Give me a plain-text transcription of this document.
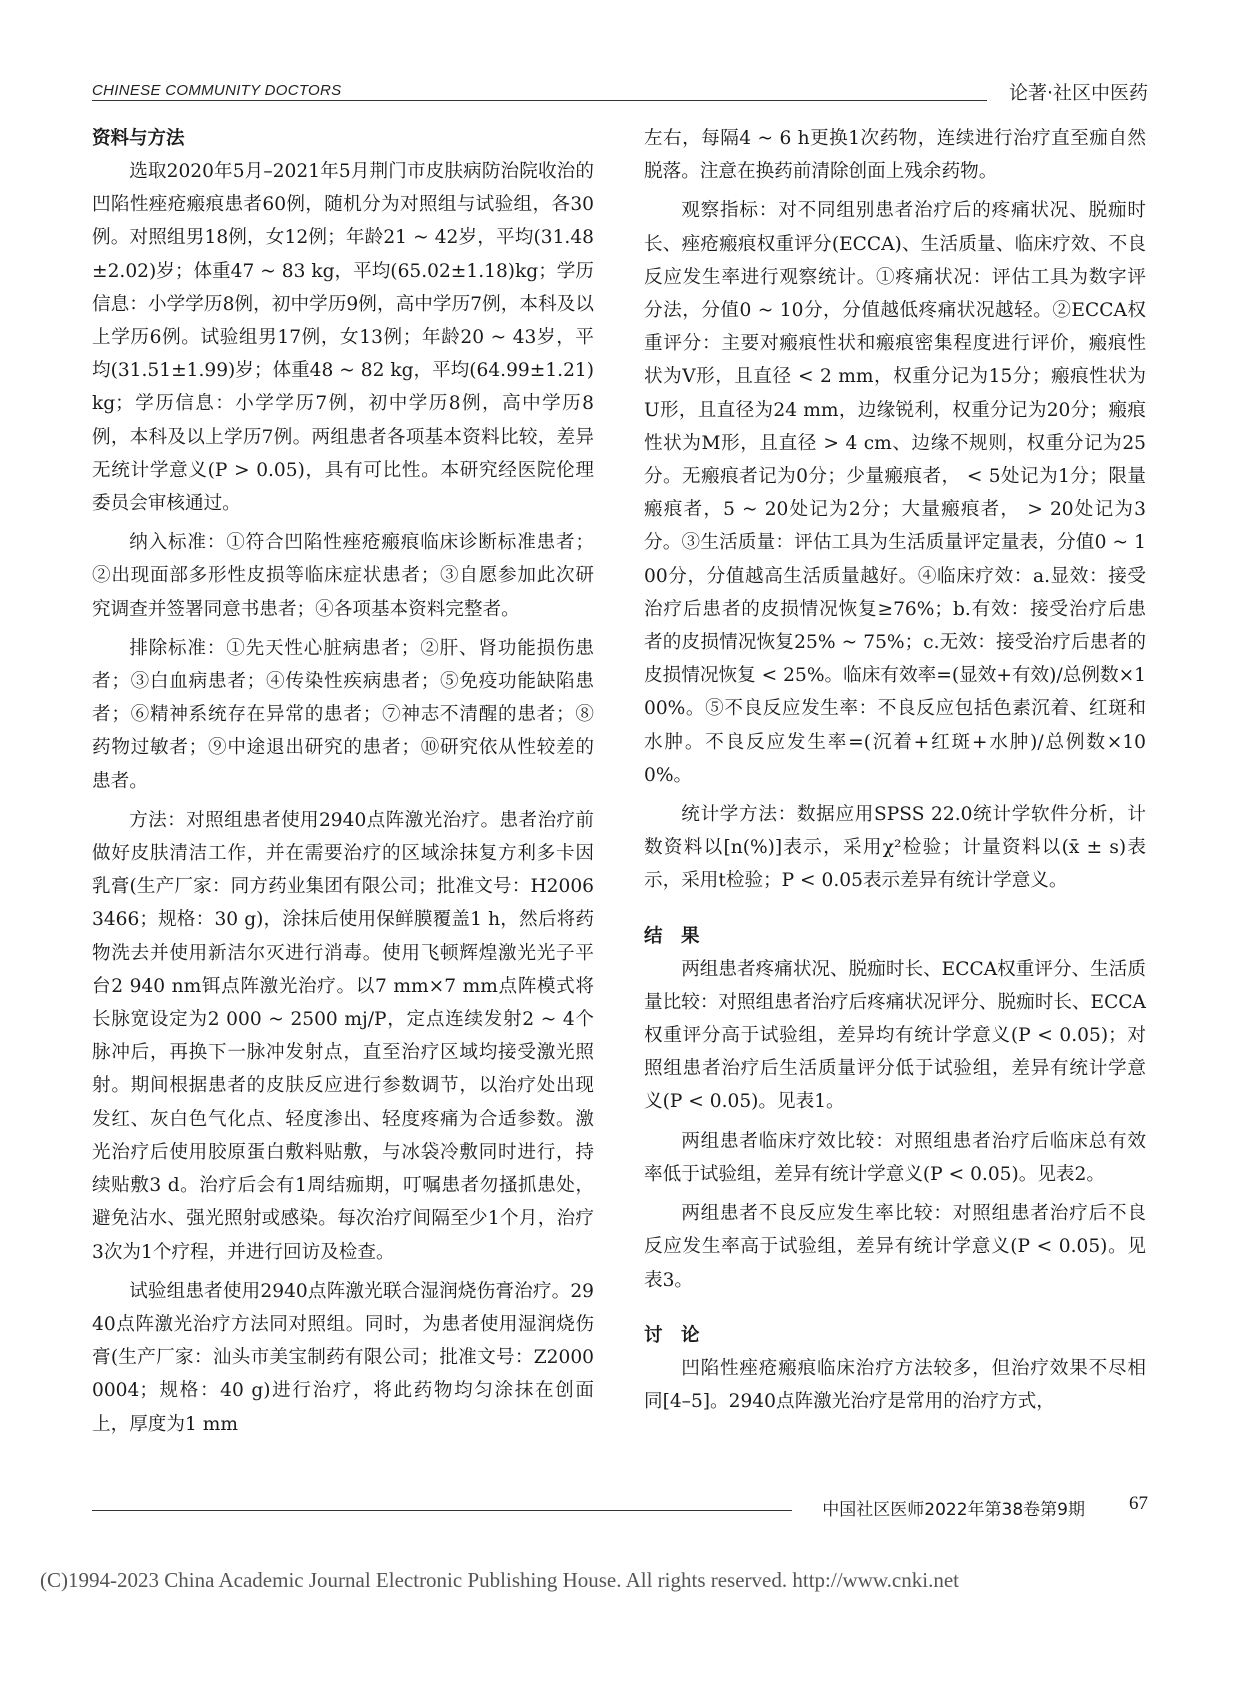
CHINESE COMMUNITY DOCTORS	论著·社区中医药

资料与方法

选取2020年5月–2021年5月荆门市皮肤病防治院收治的凹陷性痤疮瘢痕患者60例，随机分为对照组与试验组，各30例。对照组男18例，女12例；年龄21 ~ 42岁，平均(31.48±2.02)岁；体重47 ~ 83 kg，平均(65.02±1.18)kg；学历信息：小学学历8例，初中学历9例，高中学历7例，本科及以上学历6例。试验组男17例，女13例；年龄20 ~ 43岁，平均(31.51±1.99)岁；体重48 ~ 82 kg，平均(64.99±1.21)kg；学历信息：小学学历7例，初中学历8例，高中学历8例，本科及以上学历7例。两组患者各项基本资料比较，差异无统计学意义(P > 0.05)，具有可比性。本研究经医院伦理委员会审核通过。

纳入标准：①符合凹陷性痤疮瘢痕临床诊断标准患者；②出现面部多形性皮损等临床症状患者；③自愿参加此次研究调查并签署同意书患者；④各项基本资料完整者。

排除标准：①先天性心脏病患者；②肝、肾功能损伤患者；③白血病患者；④传染性疾病患者；⑤免疫功能缺陷患者；⑥精神系统存在异常的患者；⑦神志不清醒的患者；⑧药物过敏者；⑨中途退出研究的患者；⑩研究依从性较差的患者。

方法：对照组患者使用2940点阵激光治疗。患者治疗前做好皮肤清洁工作，并在需要治疗的区域涂抹复方利多卡因乳膏(生产厂家：同方药业集团有限公司；批准文号：H20063466；规格：30 g)，涂抹后使用保鲜膜覆盖1 h，然后将药物洗去并使用新洁尔灭进行消毒。使用飞顿辉煌激光光子平台2 940 nm铒点阵激光治疗。以7 mm×7 mm点阵模式将长脉宽设定为2 000 ~ 2500 mj/P，定点连续发射2 ~ 4个脉冲后，再换下一脉冲发射点，直至治疗区域均接受激光照射。期间根据患者的皮肤反应进行参数调节，以治疗处出现发红、灰白色气化点、轻度渗出、轻度疼痛为合适参数。激光治疗后使用胶原蛋白敷料贴敷，与冰袋冷敷同时进行，持续贴敷3 d。治疗后会有1周结痂期，叮嘱患者勿搔抓患处，避免沾水、强光照射或感染。每次治疗间隔至少1个月，治疗3次为1个疗程，并进行回访及检查。

试验组患者使用2940点阵激光联合湿润烧伤膏治疗。2940点阵激光治疗方法同对照组。同时，为患者使用湿润烧伤膏(生产厂家：汕头市美宝制药有限公司；批准文号：Z20000004；规格：40 g)进行治疗，将此药物均匀涂抹在创面上，厚度为1 mm

左右，每隔4 ~ 6 h更换1次药物，连续进行治疗直至痂自然脱落。注意在换药前清除创面上残余药物。

观察指标：对不同组别患者治疗后的疼痛状况、脱痂时长、痤疮瘢痕权重评分(ECCA)、生活质量、临床疗效、不良反应发生率进行观察统计。①疼痛状况：评估工具为数字评分法，分值0 ~ 10分，分值越低疼痛状况越轻。②ECCA权重评分：主要对瘢痕性状和瘢痕密集程度进行评价，瘢痕性状为V形，且直径 < 2 mm，权重分记为15分；瘢痕性状为U形，且直径为24 mm，边缘锐利，权重分记为20分；瘢痕性状为M形，且直径 > 4 cm、边缘不规则，权重分记为25分。无瘢痕者记为0分；少量瘢痕者， < 5处记为1分；限量瘢痕者，5 ~ 20处记为2分；大量瘢痕者， > 20处记为3分。③生活质量：评估工具为生活质量评定量表，分值0 ~ 100分，分值越高生活质量越好。④临床疗效：a.显效：接受治疗后患者的皮损情况恢复≥76%；b.有效：接受治疗后患者的皮损情况恢复25% ~ 75%；c.无效：接受治疗后患者的皮损情况恢复 < 25%。临床有效率=(显效+有效)/总例数×100%。⑤不良反应发生率：不良反应包括色素沉着、红斑和水肿。不良反应发生率=(沉着+红斑+水肿)/总例数×100%。

统计学方法：数据应用SPSS 22.0统计学软件分析，计数资料以[n(%)]表示，采用χ²检验；计量资料以(x̄ ± s)表示，采用t检验；P < 0.05表示差异有统计学意义。

结　果

两组患者疼痛状况、脱痂时长、ECCA权重评分、生活质量比较：对照组患者治疗后疼痛状况评分、脱痂时长、ECCA权重评分高于试验组，差异均有统计学意义(P < 0.05)；对照组患者治疗后生活质量评分低于试验组，差异有统计学意义(P < 0.05)。见表1。

两组患者临床疗效比较：对照组患者治疗后临床总有效率低于试验组，差异有统计学意义(P < 0.05)。见表2。

两组患者不良反应发生率比较：对照组患者治疗后不良反应发生率高于试验组，差异有统计学意义(P < 0.05)。见表3。

讨　论

凹陷性痤疮瘢痕临床治疗方法较多，但治疗效果不尽相同[4–5]。2940点阵激光治疗是常用的治疗方式，

中国社区医师2022年第38卷第9期 67
(C)1994-2023 China Academic Journal Electronic Publishing House. All rights reserved. http://www.cnki.net
